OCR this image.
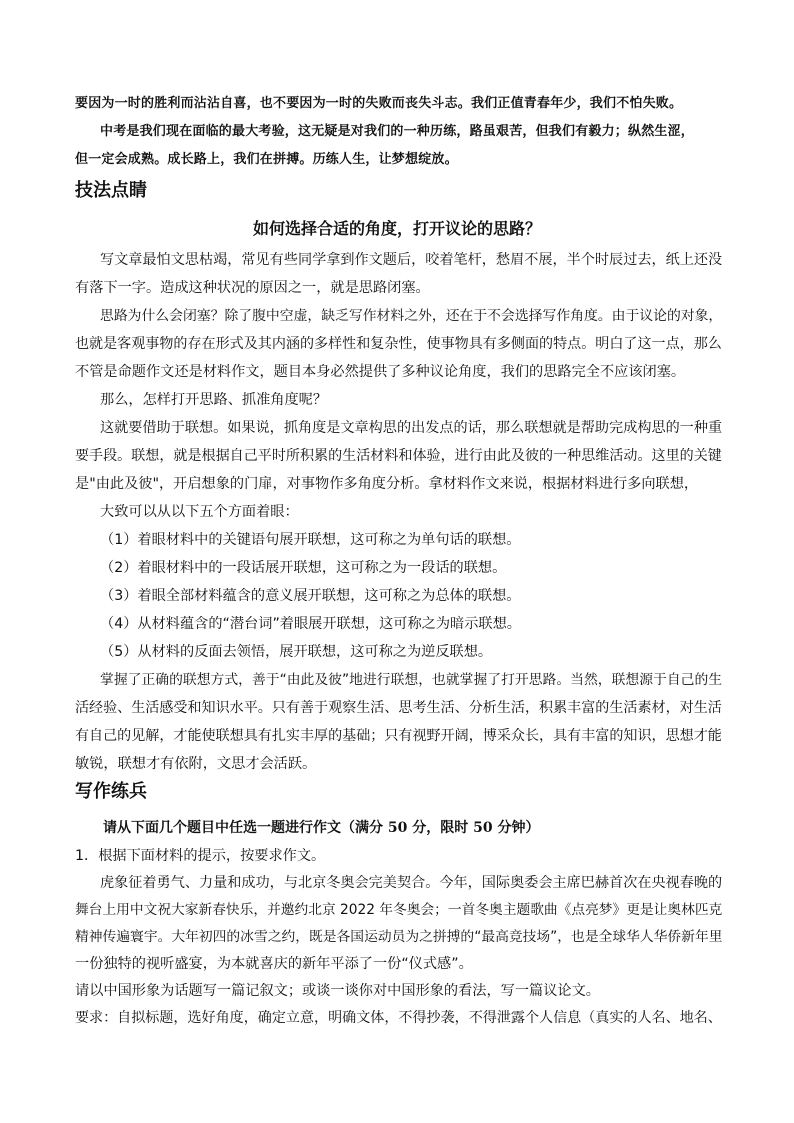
要因为一时的胜利而沾沾自喜，也不要因为一时的失败而丧失斗志。我们正值青春年少，我们不怕失败。
中考是我们现在面临的最大考验，这无疑是对我们的一种历练，路虽艰苦，但我们有毅力；纵然生涩，
但一定会成熟。成长路上，我们在拼搏。历练人生，让梦想绽放。
技法点睛
如何选择合适的角度，打开议论的思路？
写文章最怕文思枯竭，常见有些同学拿到作文题后，咬着笔杆，愁眉不展，半个时辰过去，纸上还没
有落下一字。造成这种状况的原因之一，就是思路闭塞。
思路为什么会闭塞？除了腹中空虚，缺乏写作材料之外，还在于不会选择写作角度。由于议论的对象，
也就是客观事物的存在形式及其内涵的多样性和复杂性，使事物具有多侧面的特点。明白了这一点，那么
不管是命题作文还是材料作文，题目本身必然提供了多种议论角度，我们的思路完全不应该闭塞。
那么，怎样打开思路、抓准角度呢？
这就要借助于联想。如果说，抓角度是文章构思的出发点的话，那么联想就是帮助完成构思的一种重
要手段。联想，就是根据自己平时所积累的生活材料和体验，进行由此及彼的一种思维活动。这里的关键
是"由此及彼"，开启想象的门扉，对事物作多角度分析。拿材料作文来说，根据材料进行多向联想，
大致可以从以下五个方面着眼：
（1）着眼材料中的关键语句展开联想，这可称之为单句话的联想。
（2）着眼材料中的一段话展开联想，这可称之为一段话的联想。
（3）着眼全部材料蕴含的意义展开联想，这可称之为总体的联想。
（4）从材料蕴含的“潜台词”着眼展开联想，这可称之为暗示联想。
（5）从材料的反面去领悟，展开联想，这可称之为逆反联想。
掌握了正确的联想方式，善于“由此及彼”地进行联想，也就掌握了打开思路。当然，联想源于自己的生
活经验、生活感受和知识水平。只有善于观察生活、思考生活、分析生活，积累丰富的生活素材，对生活
有自己的见解，才能使联想具有扎实丰厚的基础；只有视野开阔，博采众长，具有丰富的知识，思想才能
敏锐，联想才有依附，文思才会活跃。
写作练兵
请从下面几个题目中任选一题进行作文（满分 50 分，限时 50 分钟）
1．根据下面材料的提示，按要求作文。
虎象征着勇气、力量和成功，与北京冬奥会完美契合。今年，国际奥委会主席巴赫首次在央视春晚的
舞台上用中文祝大家新春快乐，并邀约北京 2022 年冬奥会；一首冬奥主题歌曲《点亮梦》更是让奥林匹克
精神传遍寰宇。大年初四的冰雪之约，既是各国运动员为之拼搏的“最高竞技场”，也是全球华人华侨新年里
一份独特的视听盛宴，为本就喜庆的新年平添了一份“仪式感”。
请以中国形象为话题写一篇记叙文；或谈一谈你对中国形象的看法，写一篇议论文。
要求：自拟标题，选好角度，确定立意，明确文体，不得抄袭，不得泄露个人信息（真实的人名、地名、
